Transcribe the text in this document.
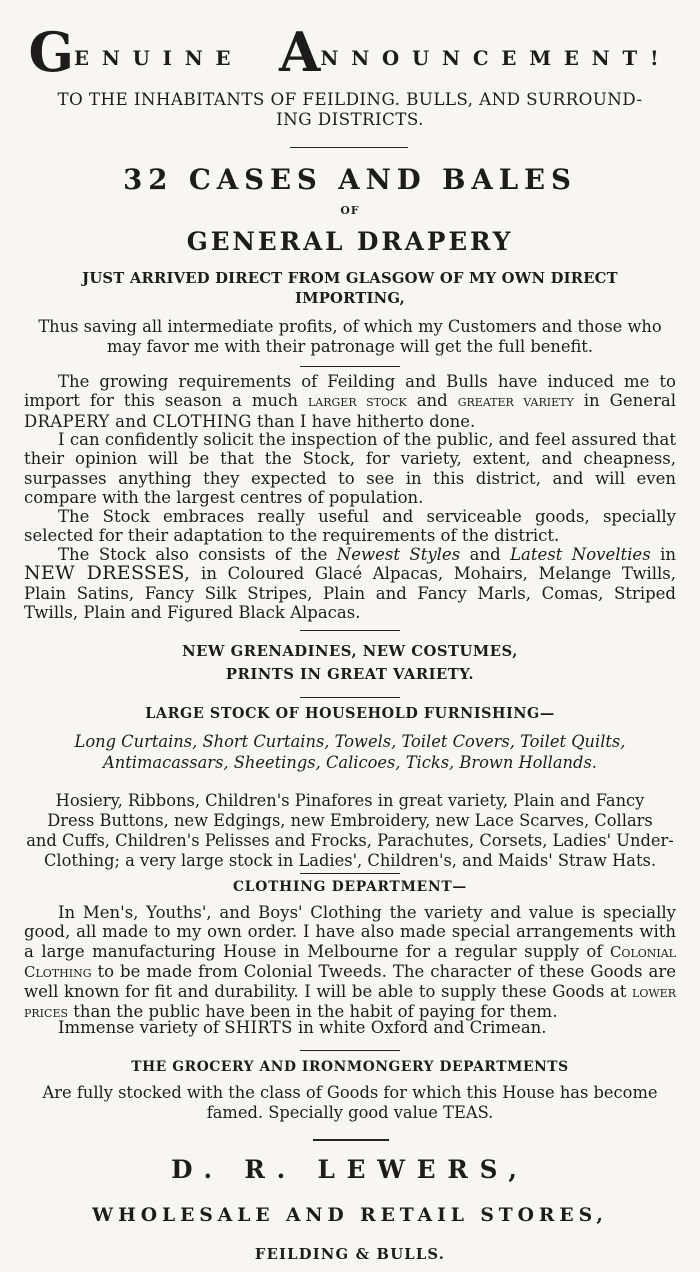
GENUINE ANNOUNCEMENT!
TO THE INHABITANTS OF FEILDING. BULLS, AND SURROUND-
ING DISTRICTS.
32 CASES AND BALES
OF
GENERAL DRAPERY
JUST ARRIVED DIRECT FROM GLASGOW OF MY OWN DIRECT
IMPORTING,
Thus saving all intermediate profits, of which my Customers and those who
may favor me with their patronage will get the full benefit.
The growing requirements of Feilding and Bulls have induced me to import for this season a much larger stock and greater variety in General DRAPERY and CLOTHING than I have hitherto done.
I can confidently solicit the inspection of the public, and feel assured that their opinion will be that the Stock, for variety, extent, and cheapness, surpasses anything they expected to see in this district, and will even compare with the largest centres of population.
The Stock embraces really useful and serviceable goods, specially selected for their adaptation to the requirements of the district.
The Stock also consists of the Newest Styles and Latest Novelties in NEW DRESSES, in Coloured Glacé Alpacas, Mohairs, Melange Twills, Plain Satins, Fancy Silk Stripes, Plain and Fancy Marls, Comas, Striped Twills, Plain and Figured Black Alpacas.
NEW GRENADINES, NEW COSTUMES,
PRINTS IN GREAT VARIETY.
LARGE STOCK OF HOUSEHOLD FURNISHING—
Long Curtains, Short Curtains, Towels, Toilet Covers, Toilet Quilts,
Antimacassars, Sheetings, Calicoes, Ticks, Brown Hollands.
Hosiery, Ribbons, Children's Pinafores in great variety, Plain and Fancy
Dress Buttons, new Edgings, new Embroidery, new Lace Scarves, Collars
and Cuffs, Children's Pelisses and Frocks, Parachutes, Corsets, Ladies' Under-
Clothing; a very large stock in Ladies', Children's, and Maids' Straw Hats.
CLOTHING DEPARTMENT—
In Men's, Youths', and Boys' Clothing the variety and value is specially good, all made to my own order. I have also made special arrangements with a large manufacturing House in Melbourne for a regular supply of Colonial Clothing to be made from Colonial Tweeds. The character of these Goods are well known for fit and durability. I will be able to supply these Goods at lower prices than the public have been in the habit of paying for them.
Immense variety of SHIRTS in white Oxford and Crimean.
THE GROCERY AND IRONMONGERY DEPARTMENTS
Are fully stocked with the class of Goods for which this House has become
famed. Specially good value TEAS.
D. R. LEWERS,
WHOLESALE AND RETAIL STORES,
FEILDING & BULLS.
